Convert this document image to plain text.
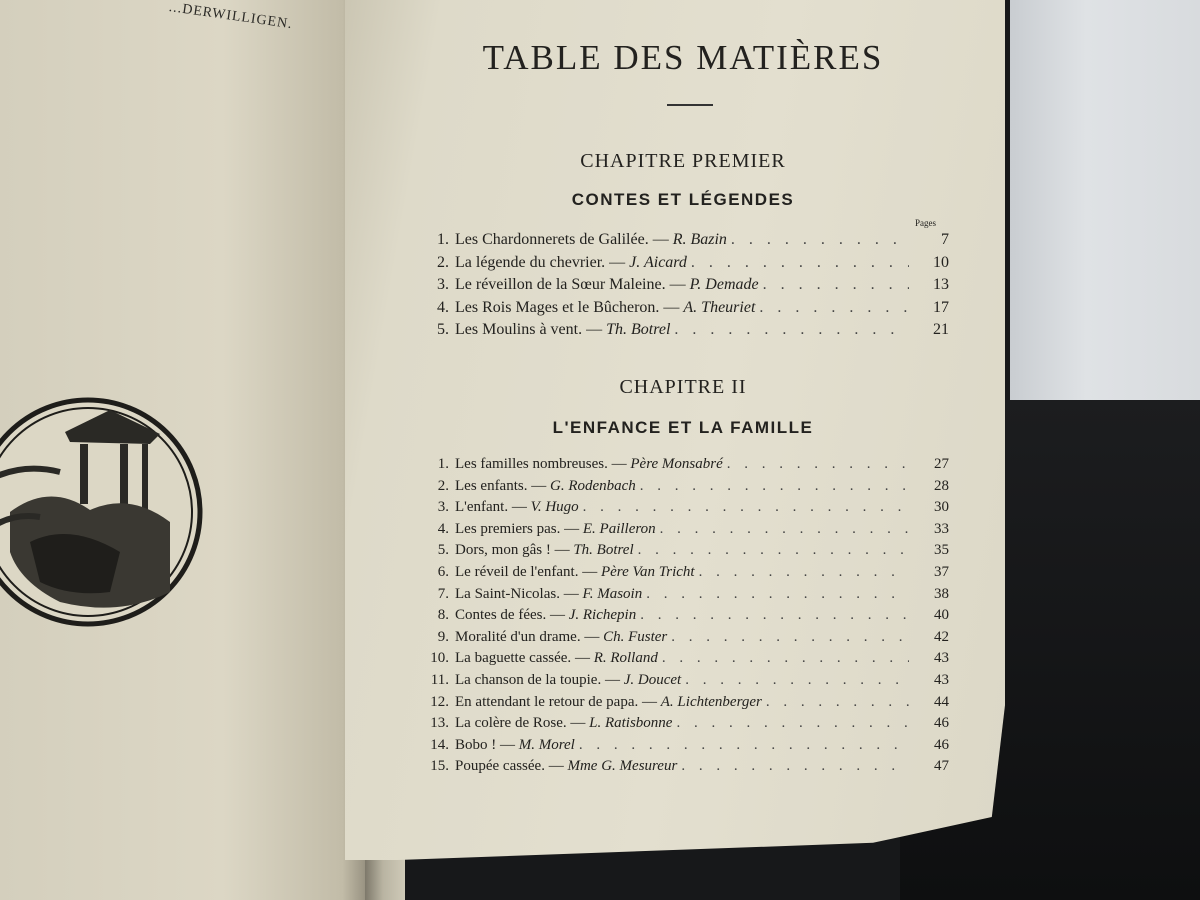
...DERWILLIGEN.
TABLE DES MATIÈRES
CHAPITRE PREMIER
CONTES ET LÉGENDES
Pages
1. Les Chardonnerets de Galilée. — R. Bazin . . .	7
2. La légende du chevrier. — J. Aicard . . .	10
3. Le réveillon de la Sœur Maleine. — P. Demade . . .	13
4. Les Rois Mages et le Bûcheron. — A. Theuriet . . .	17
5. Les Moulins à vent. — Th. Botrel . . .	21
CHAPITRE II
L'ENFANCE ET LA FAMILLE
1. Les familles nombreuses. — Père Monsabré . . .	27
2. Les enfants. — G. Rodenbach . . .	28
3. L'enfant. — V. Hugo . . .	30
4. Les premiers pas. — E. Pailleron . . .	33
5. Dors, mon gâs ! — Th. Botrel . . .	35
6. Le réveil de l'enfant. — Père Van Tricht . . .	37
7. La Saint-Nicolas. — F. Masoin . . .	38
8. Contes de fées. — J. Richepin . . .	40
9. Moralité d'un drame. — Ch. Fuster . . .	42
10. La baguette cassée. — R. Rolland . . .	43
11. La chanson de la toupie. — J. Doucet . . .	43
12. En attendant le retour de papa. — A. Lichtenberger . . .	44
13. La colère de Rose. — L. Ratisbonne . . .	46
14. Bobo ! — M. Morel . . .	46
15. Poupée cassée. — Mme G. Mesureur . . .	47
